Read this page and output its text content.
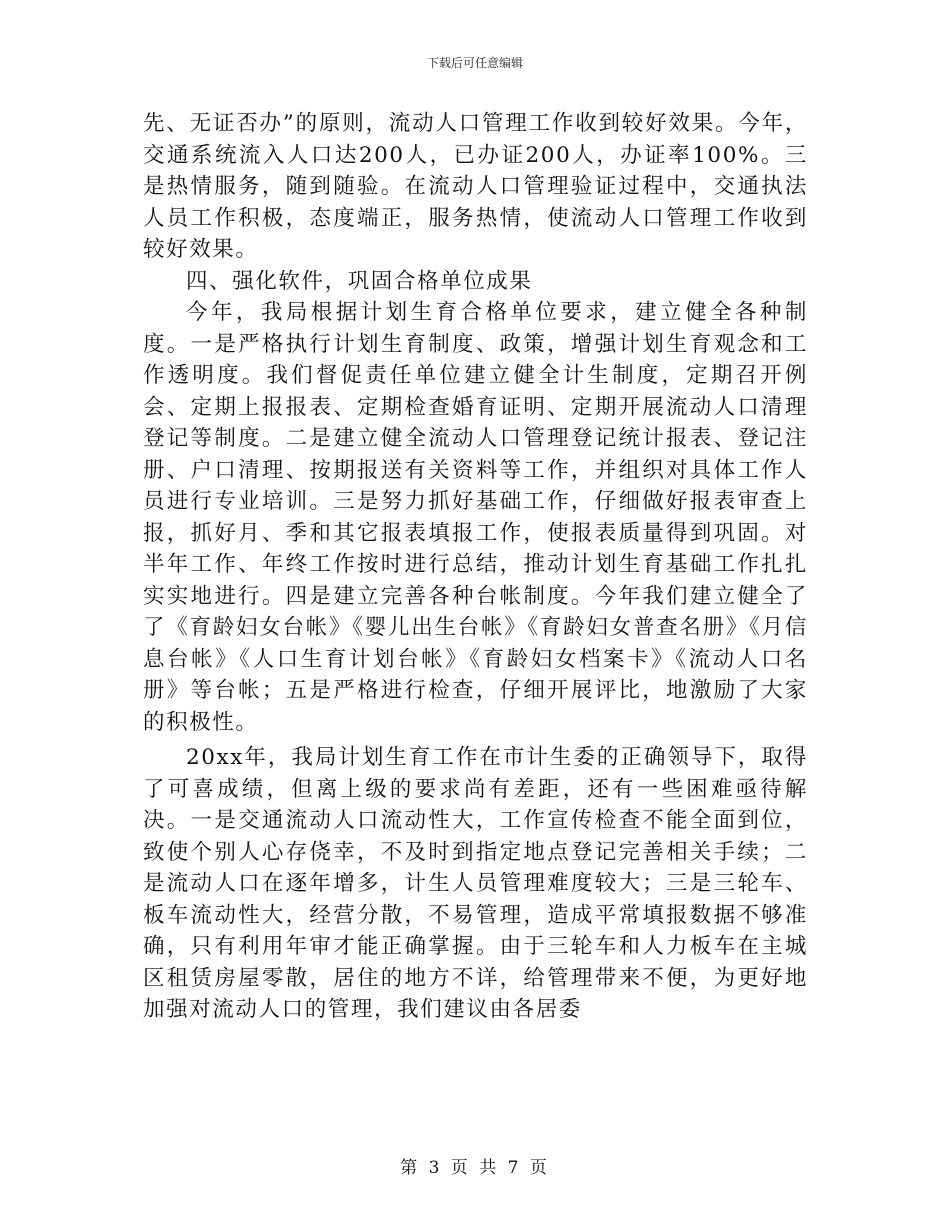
下载后可任意编辑

先、无证否办”的原则，流动人口管理工作收到较好效果。今年，交通系统流入人口达200人，已办证200人，办证率100%。三是热情服务，随到随验。在流动人口管理验证过程中，交通执法人员工作积极，态度端正，服务热情，使流动人口管理工作收到较好效果。

四、强化软件，巩固合格单位成果

今年，我局根据计划生育合格单位要求，建立健全各种制度。一是严格执行计划生育制度、政策，增强计划生育观念和工作透明度。我们督促责任单位建立健全计生制度，定期召开例会、定期上报报表、定期检查婚育证明、定期开展流动人口清理登记等制度。二是建立健全流动人口管理登记统计报表、登记注册、户口清理、按期报送有关资料等工作，并组织对具体工作人员进行专业培训。三是努力抓好基础工作，仔细做好报表审查上报，抓好月、季和其它报表填报工作，使报表质量得到巩固。对半年工作、年终工作按时进行总结，推动计划生育基础工作扎扎实实地进行。四是建立完善各种台帐制度。今年我们建立健全了了《育龄妇女台帐》《婴儿出生台帐》《育龄妇女普查名册》《月信息台帐》《人口生育计划台帐》《育龄妇女档案卡》《流动人口名册》等台帐；五是严格进行检查，仔细开展评比，地激励了大家的积极性。

20xx年，我局计划生育工作在市计生委的正确领导下，取得了可喜成绩，但离上级的要求尚有差距，还有一些困难亟待解决。一是交通流动人口流动性大，工作宣传检查不能全面到位，致使个别人心存侥幸，不及时到指定地点登记完善相关手续；二是流动人口在逐年增多，计生人员管理难度较大；三是三轮车、板车流动性大，经营分散，不易管理，造成平常填报数据不够准确，只有利用年审才能正确掌握。由于三轮车和人力板车在主城区租赁房屋零散，居住的地方不详，给管理带来不便，为更好地加强对流动人口的管理，我们建议由各居委

第 3 页 共 7 页
